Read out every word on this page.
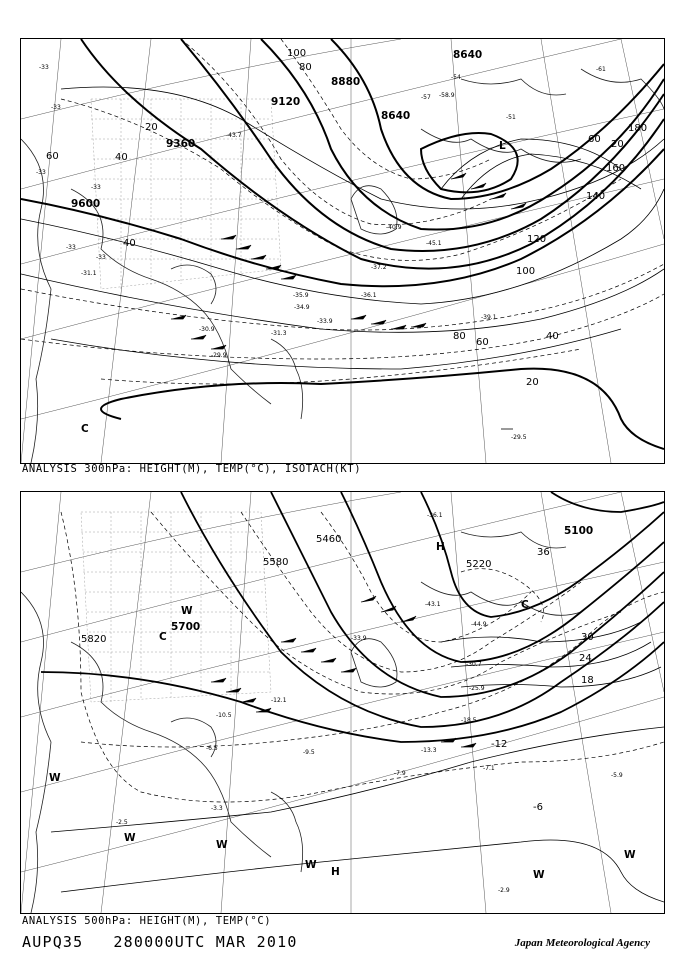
9600
9360
9120
8880
8640
8640
100
80
60	40
20
40
20
60
80
100
120
140
160
180
60
40
20
L
C
-33
-33
-33
-33
-33
-33
-31.1
-29.5
-29.9
-30.9
-31.3
-33.9
-34.9
-35.9	-36.1
-37.2
-39.1
-40.9
-45.1
-43.7
-51
-54
-57 -58.9
-61
ANALYSIS 300hPa: HEIGHT(M), TEMP(°C), ISOTACH(KT)
5820
5700
5580
5460
5220
5100
30
24
18
-12
-6
36
H
H
C
C
W
W
W
W
W
W
W
-2.5
-3.3
-5.9
-6.5
-7.1
-7.9
-9.5
-10.5
-12.1
-13.3
-18.5
-25.9
-30.7
-33.9
-36.1
-43.1
-44.9
-2.9
ANALYSIS 500hPa: HEIGHT(M), TEMP(°C)
AUPQ35 280000UTC MAR 2010	Japan Meteorological Agency
